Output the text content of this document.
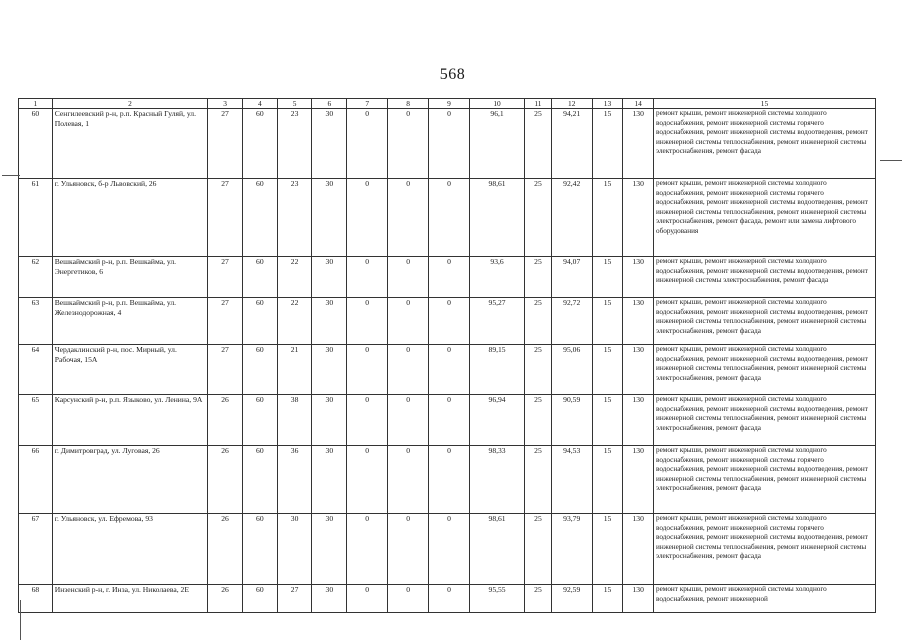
568
1	2	3	4	5	6	7	8	9	10	11	12	13	14	15
60	Сенгилеевский р-н, р.п. Красный Гуляй, ул. Полевая, 1	27	60	23	30	0	0	0	96,1	25	94,21	15	130	ремонт крыши, ремонт инженерной системы холодного водоснабжения, ремонт инженерной системы горячего водоснабжения, ремонт инженерной системы водоотведения, ремонт инженерной системы теплоснабжения, ремонт инженерной системы электроснабжения, ремонт фасада
61	г. Ульяновск, б-р Львовский, 26	27	60	23	30	0	0	0	98,61	25	92,42	15	130	ремонт крыши, ремонт инженерной системы холодного водоснабжения, ремонт инженерной системы горячего водоснабжения, ремонт инженерной системы водоотведения, ремонт инженерной системы теплоснабжения, ремонт инженерной системы электроснабжения, ремонт фасада, ремонт или замена лифтового оборудования
62	Вешкаймский р-н, р.п. Вешкайма, ул. Энергетиков, 6	27	60	22	30	0	0	0	93,6	25	94,07	15	130	ремонт крыши, ремонт инженерной системы холодного водоснабжения, ремонт инженерной системы водоотведения, ремонт инженерной системы электроснабжения, ремонт фасада
63	Вешкаймский р-н, р.п. Вешкайма, ул. Железнодорожная, 4	27	60	22	30	0	0	0	95,27	25	92,72	15	130	ремонт крыши, ремонт инженерной системы холодного водоснабжения, ремонт инженерной системы водоотведения, ремонт инженерной системы теплоснабжения, ремонт инженерной системы электроснабжения, ремонт фасада
64	Чердаклинский р-н, пос. Мирный, ул. Рабочая, 15А	27	60	21	30	0	0	0	89,15	25	95,06	15	130	ремонт крыши, ремонт инженерной системы холодного водоснабжения, ремонт инженерной системы водоотведения, ремонт инженерной системы теплоснабжения, ремонт инженерной системы электроснабжения, ремонт фасада
65	Карсунский р-н, р.п. Языково, ул. Ленина, 9А	26	60	38	30	0	0	0	96,94	25	90,59	15	130	ремонт крыши, ремонт инженерной системы холодного водоснабжения, ремонт инженерной системы водоотведения, ремонт инженерной системы теплоснабжения, ремонт инженерной системы электроснабжения, ремонт фасада
66	г. Димитровград, ул. Луговая, 26	26	60	36	30	0	0	0	98,33	25	94,53	15	130	ремонт крыши, ремонт инженерной системы холодного водоснабжения, ремонт инженерной системы горячего водоснабжения, ремонт инженерной системы водоотведения, ремонт инженерной системы теплоснабжения, ремонт инженерной системы электроснабжения, ремонт фасада
67	г. Ульяновск, ул. Ефремова, 93	26	60	30	30	0	0	0	98,61	25	93,79	15	130	ремонт крыши, ремонт инженерной системы холодного водоснабжения, ремонт инженерной системы горячего водоснабжения, ремонт инженерной системы водоотведения, ремонт инженерной системы теплоснабжения, ремонт инженерной системы электроснабжения, ремонт фасада
68	Инзенский р-н, г. Инза, ул. Николаева, 2Е	26	60	27	30	0	0	0	95,55	25	92,59	15	130	ремонт крыши, ремонт инженерной системы холодного водоснабжения, ремонт инженерной
